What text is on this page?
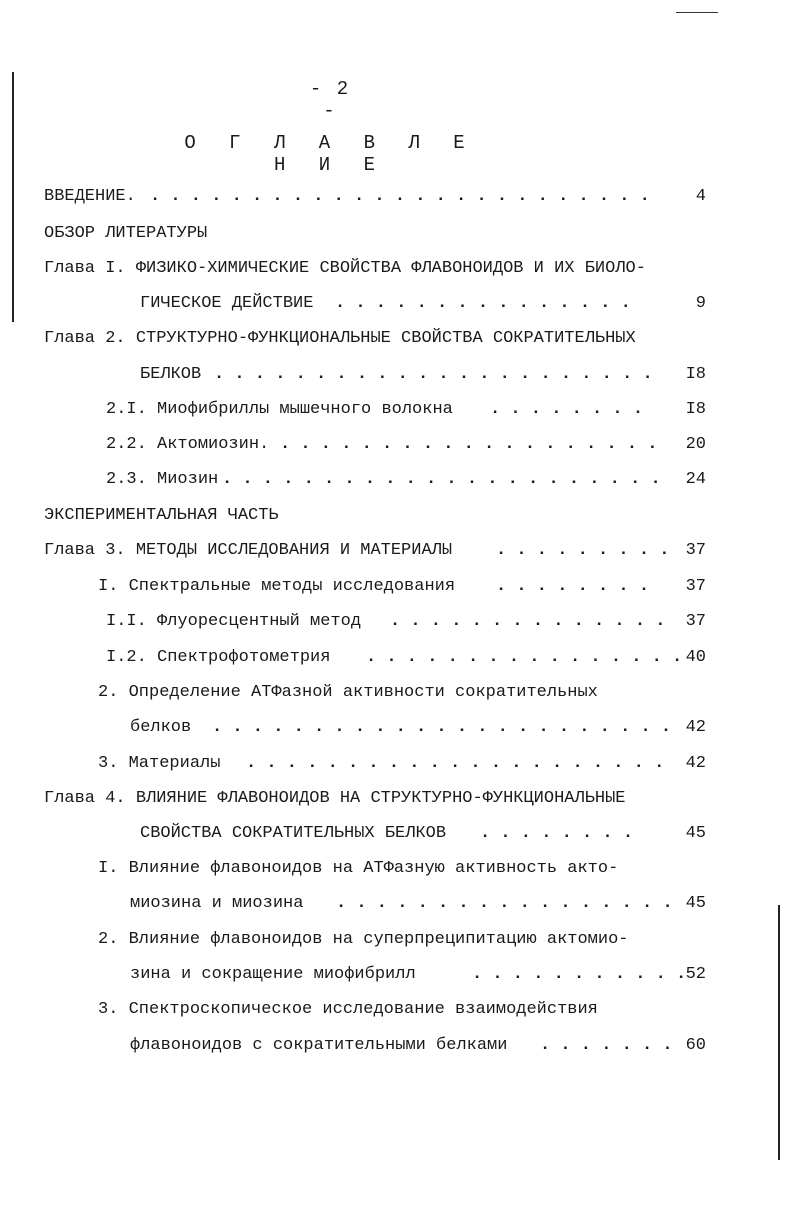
- 2 -
О Г Л А В Л Е Н И Е
ВВЕДЕНИЕ. . . . . . . . . . . . . . . . . . . . . . . . . .	4
ОБЗОР ЛИТЕРАТУРЫ
Глава I. ФИЗИКО-ХИМИЧЕСКИЕ СВОЙСТВА ФЛАВОНОИДОВ И ИХ БИОЛО-
ГИЧЕСКОЕ ДЕЙСТВИЕ . . . . . . . . . . . . . . .	9
Глава 2. СТРУКТУРНО-ФУНКЦИОНАЛЬНЫЕ СВОЙСТВА СОКРАТИТЕЛЬНЫХ
БЕЛКОВ . . . . . . . . . . . . . . . . . . . . . .	I8
2.I. Миофибриллы мышечного волокна . . . . . . . .	I8
2.2. Актомиозин. . . . . . . . . . . . . . . . . . . .	20
2.3. Миозин . . . . . . . . . . . . . . . . . . . . . .	24
ЭКСПЕРИМЕНТАЛЬНАЯ ЧАСТЬ
Глава 3. МЕТОДЫ ИССЛЕДОВАНИЯ И МАТЕРИАЛЫ	. . . . . . . . . 37
I. Спектральные методы исследования . . . . . . . .	37
I.I. Флуоресцентный метод . . . . . . . . . . . . . .	37
I.2. Спектрофотометрия . . . . . . . . . . . . . . . . 40
2. Определение АТФазной активности сократительных
белков . . . . . . . . . . . . . . . . . . . . . . . 42
3. Материалы . . . . . . . . . . . . . . . . . . . . .	42
Глава 4. ВЛИЯНИЕ ФЛАВОНОИДОВ НА СТРУКТУРНО-ФУНКЦИОНАЛЬНЫЕ
СВОЙСТВА СОКРАТИТЕЛЬНЫХ БЕЛКОВ . . . . . . . .	45
I. Влияние флавоноидов на АТФазную активность акто-
миозина и миозина . . . . . . . . . . . . . . . . . 45
2. Влияние флавоноидов на суперпреципитацию актомио-
зина и сокращение миофибрилл	. . . . . . . . . . . 52
3. Спектроскопическое исследование взаимодействия
флавоноидов с сократительными белками . . . . . . . 60
